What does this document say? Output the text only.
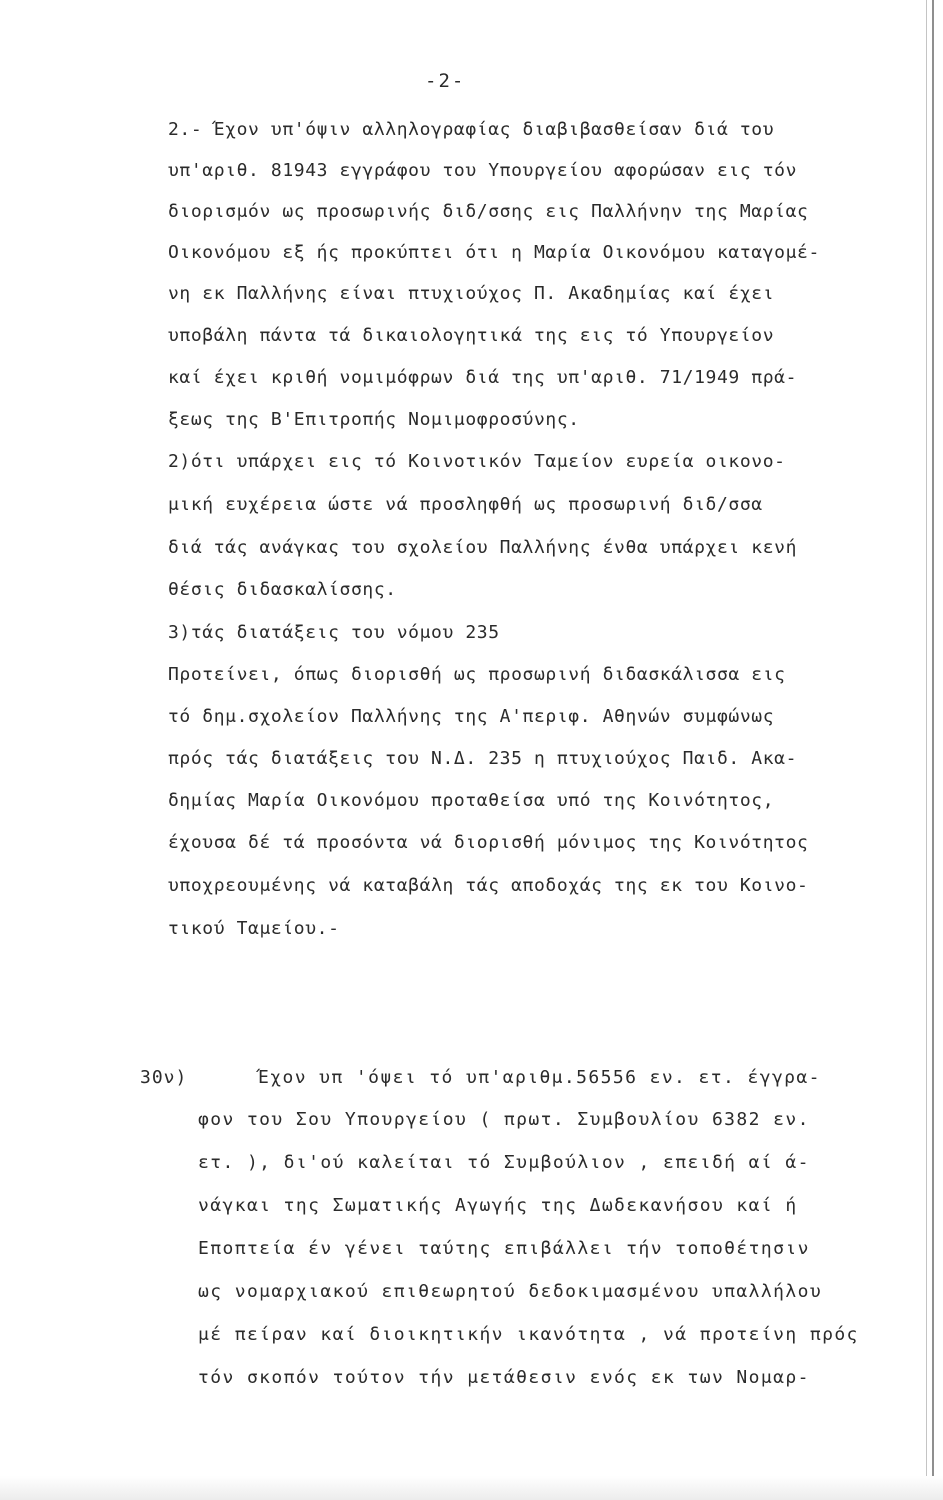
-2-
2.- Έχον υπ'όψιν αλληλογραφίας διαβιβασθείσαν διά του
υπ'αριθ. 81943 εγγράφου του Υπουργείου αφορώσαν εις τόν
διορισμόν ως προσωρινής διδ/σσης εις Παλλήνην της Μαρίας
Οικονόμου εξ ής προκύπτει ότι η Μαρία Οικονόμου καταγομέ-
νη εκ Παλλήνης είναι πτυχιούχος Π. Ακαδημίας καί έχει
υποβάλη πάντα τά δικαιολογητικά της εις τό Υπουργείον
καί έχει κριθή νομιμόφρων διά της υπ'αριθ. 71/1949 πρά-
ξεως της Β'Επιτροπής Νομιμοφροσύνης.
2)ότι υπάρχει εις τό Κοινοτικόν Ταμείον ευρεία οικονο-
μική ευχέρεια ώστε νά προσληφθή ως προσωρινή διδ/σσα
διά τάς ανάγκας του σχολείου Παλλήνης ένθα υπάρχει κενή
θέσις διδασκαλίσσης.
3)τάς διατάξεις του νόμου 235
Προτείνει, όπως διορισθή ως προσωρινή διδασκάλισσα εις
τό δημ.σχολείον Παλλήνης της Α'περιφ. Αθηνών συμφώνως
πρός τάς διατάξεις του Ν.Δ. 235 η πτυχιούχος Παιδ. Ακα-
δημίας Μαρία Οικονόμου προταθείσα υπό της Κοινότητος,
έχουσα δέ τά προσόντα νά διορισθή μόνιμος της Κοινότητος
υποχρεουμένης νά καταβάλη τάς αποδοχάς της εκ του Κοινο-
τικού Ταμείου.-
30ν)	Έχον υπ 'όψει τό υπ'αριθμ.56556 εν. ετ. έγγρα-
φον του Σου Υπουργείου ( πρωτ. Συμβουλίου 6382 εν.
ετ. ), δι'ού καλείται τό Συμβούλιον , επειδή αί ά-
νάγκαι της Σωματικής Αγωγής της Δωδεκανήσου καί ή
Εποπτεία έν γένει ταύτης επιβάλλει τήν τοποθέτησιν
ως νομαρχιακού επιθεωρητού δεδοκιμασμένου υπαλλήλου
μέ πείραν καί διοικητικήν ικανότητα , νά προτείνη πρός
τόν σκοπόν τούτον τήν μετάθεσιν ενός εκ των Νομαρ-
